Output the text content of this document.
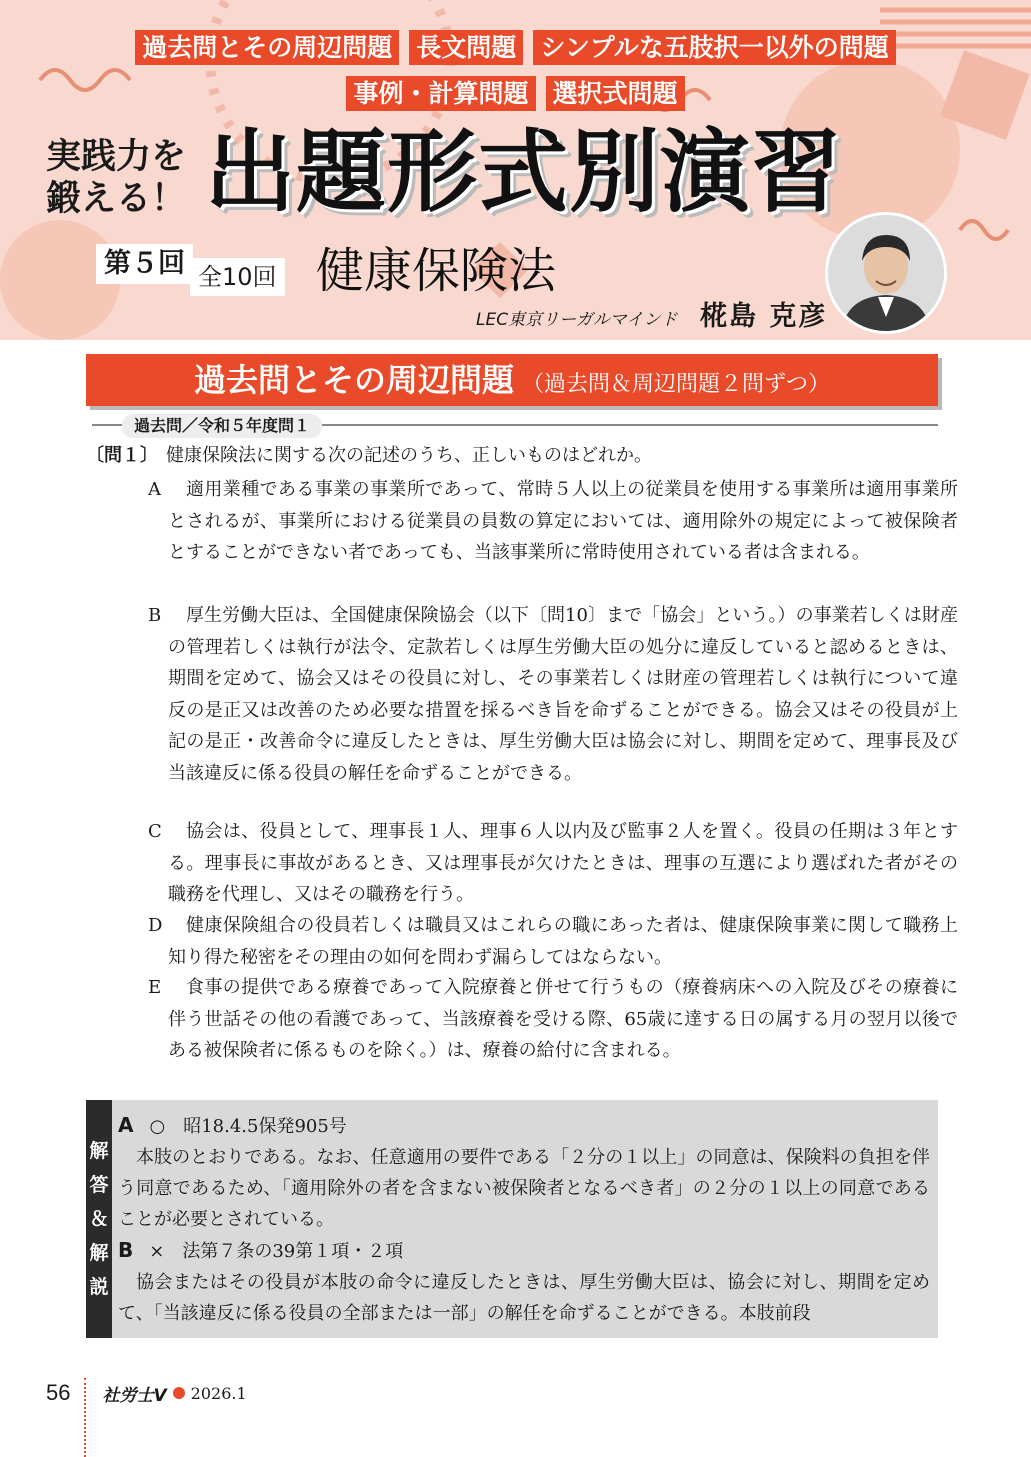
過去問とその周辺問題 長文問題 シンプルな五肢択一以外の問題
事例・計算問題 選択式問題
実践力を
鍛える！ 出題形式別演習
第５回 全10回 健康保険法
LEC東京リーガルマインド 椛島 克彦
過去問とその周辺問題 （過去問＆周辺問題２問ずつ）
過去問／令和５年度問１
〔問１〕 健康保険法に関する次の記述のうち、正しいものはどれか。
A	適用業種である事業の事業所であって、常時５人以上の従業員を使用する事業所は適用事業所とされるが、事業所における従業員の員数の算定においては、適用除外の規定によって被保険者とすることができない者であっても、当該事業所に常時使用されている者は含まれる。
B	厚生労働大臣は、全国健康保険協会（以下〔問10〕まで「協会」という。）の事業若しくは財産の管理若しくは執行が法令、定款若しくは厚生労働大臣の処分に違反していると認めるときは、期間を定めて、協会又はその役員に対し、その事業若しくは財産の管理若しくは執行について違反の是正又は改善のため必要な措置を採るべき旨を命ずることができる。協会又はその役員が上記の是正・改善命令に違反したときは、厚生労働大臣は協会に対し、期間を定めて、理事長及び当該違反に係る役員の解任を命ずることができる。
C	協会は、役員として、理事長１人、理事６人以内及び監事２人を置く。役員の任期は３年とする。理事長に事故があるとき、又は理事長が欠けたときは、理事の互選により選ばれた者がその職務を代理し、又はその職務を行う。
D	健康保険組合の役員若しくは職員又はこれらの職にあった者は、健康保険事業に関して職務上知り得た秘密をその理由の如何を問わず漏らしてはならない。
E	食事の提供である療養であって入院療養と併せて行うもの（療養病床への入院及びその療養に伴う世話その他の看護であって、当該療養を受ける際、65歳に達する日の属する月の翌月以後である被保険者に係るものを除く。）は、療養の給付に含まれる。
解
答
＆
解
説
A ○ 昭18.4.5保発905号
本肢のとおりである。なお、任意適用の要件である「２分の１以上」の同意は、保険料の負担を伴う同意であるため、「適用除外の者を含まない被保険者となるべき者」の２分の１以上の同意であることが必要とされている。
B × 法第７条の39第１項・２項
協会またはその役員が本肢の命令に違反したときは、厚生労働大臣は、協会に対し、期間を定めて、「当該違反に係る役員の全部または一部」の解任を命ずることができる。本肢前段
56 社労士V 2026.1
